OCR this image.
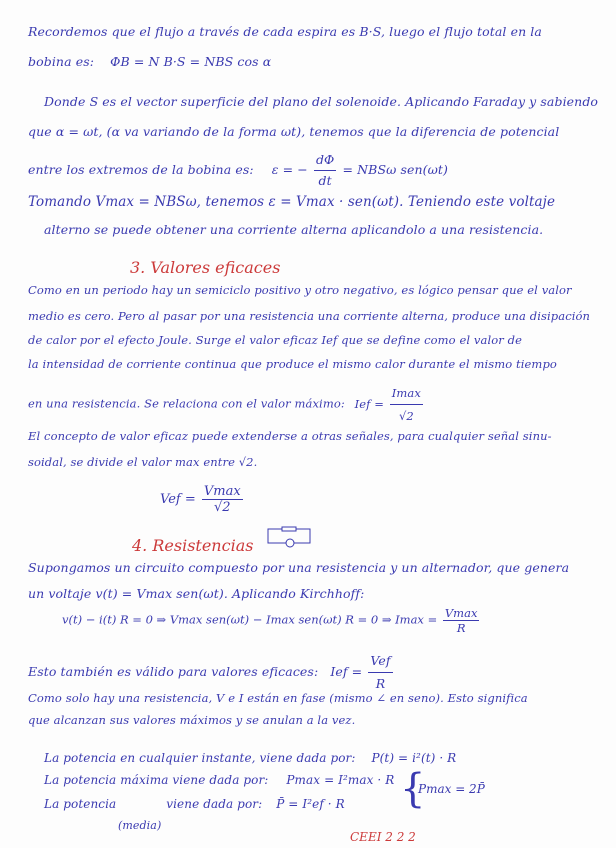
Recordemos que el flujo a través de cada espira es B·S, luego el flujo total en la
bobina es: ΦB = N B·S = NBS cos α
Donde S es el vector superficie del plano del solenoide. Aplicando Faraday y sabiendo
que α = ωt, (α va variando de la forma ωt), tenemos que la diferencia de potencial
entre los extremos de la bobina es: ε = − $\frac{d\Phi}{dt} = NBS\omega$ sen(ωt)
Tomando Vmax = NBSω, tenemos ε = Vmax · sen(ωt). Teniendo este voltaje
alterno se puede obtener una corriente alterna aplicandolo a una resistencia.
3. Valores eficaces
Como en un periodo hay un semiciclo positivo y otro negativo, es lógico pensar que el valor
medio es cero. Pero al pasar por una resistencia una corriente alterna, produce una disipación
de calor por el efecto Joule. Surge el valor eficaz Ief que se define como el valor de
la intensidad de corriente continua que produce el mismo calor durante el mismo tiempo
en una resistencia. Se relaciona con el valor máximo: Ief = $\frac{Imax}{√2}$
El concepto de valor eficaz puede extenderse a otras señales, para cualquier señal sinu-
soidal, se divide el valor max entre √2.
Vef = $\frac{Vmax}{√2}$
4. Resistencias
Supongamos un circuito compuesto por una resistencia y un alternador, que genera
un voltaje v(t) = Vmax sen(ωt). Aplicando Kirchhoff:
v(t) − i(t) R = 0 ⇒ Vmax sen(ωt) − Imax sen(ωt) R = 0 ⇒ $Imax = \frac{Vmax}{R}$
Esto también es válido para valores eficaces: Ief = $\frac{\text{Vef}}{R}$
Como solo hay una resistencia, V e I están en fase (mismo ∠ en seno). Esto significa
que alcanzan sus valores máximos y se anulan a la vez.
La potencia en cualquier instante, viene dada por: P(t) = i²(t) · R
La potencia máxima viene dada por: Pmax = I²max · R
La potencia	viene dada por: P̄ = I²ef · R	{
Pmax = 2P̄
(media)
CEEI 2 2 2
